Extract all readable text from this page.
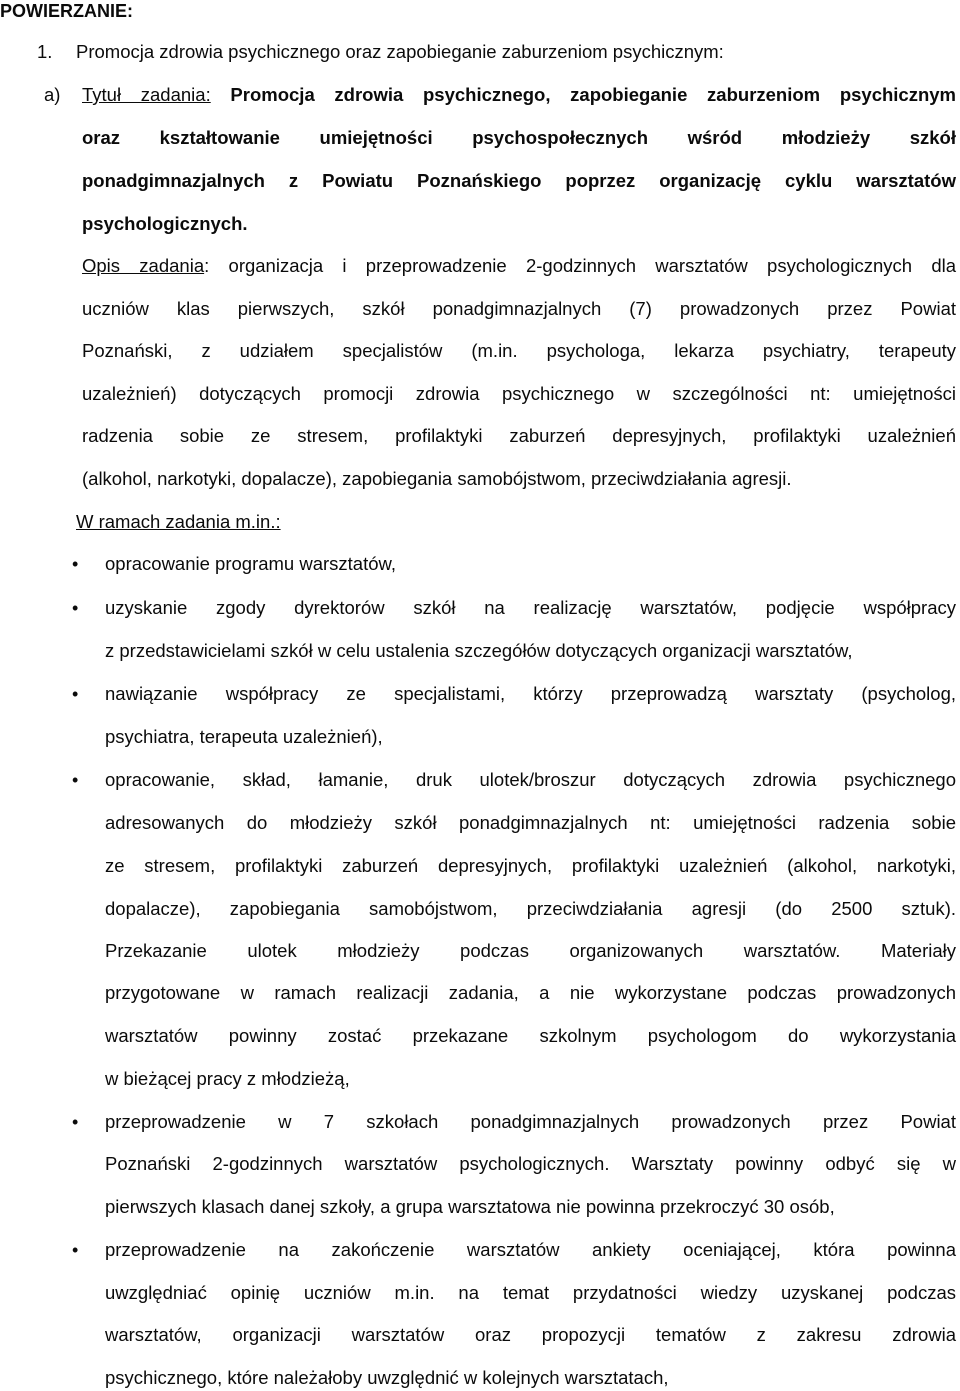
POWIERZANIE:
1. Promocja zdrowia psychicznego oraz zapobieganie zaburzeniom psychicznym:
a) Tytuł zadania: Promocja zdrowia psychicznego, zapobieganie zaburzeniom psychicznym
oraz kształtowanie umiejętności psychospołecznych wśród młodzieży szkół
ponadgimnazjalnych z Powiatu Poznańskiego poprzez organizację cyklu warsztatów
psychologicznych.
Opis zadania: organizacja i przeprowadzenie 2-godzinnych warsztatów psychologicznych dla
uczniów klas pierwszych, szkół ponadgimnazjalnych (7) prowadzonych przez Powiat
Poznański, z udziałem specjalistów (m.in. psychologa, lekarza psychiatry, terapeuty
uzależnień) dotyczących promocji zdrowia psychicznego w szczególności nt: umiejętności
radzenia sobie ze stresem, profilaktyki zaburzeń depresyjnych, profilaktyki uzależnień
(alkohol, narkotyki, dopalacze), zapobiegania samobójstwom, przeciwdziałania agresji.
W ramach zadania m.in.:
• opracowanie programu warsztatów,
• uzyskanie zgody dyrektorów szkół na realizację warsztatów, podjęcie współpracy
z przedstawicielami szkół w celu ustalenia szczegółów dotyczących organizacji warsztatów,
• nawiązanie współpracy ze specjalistami, którzy przeprowadzą warsztaty (psycholog,
psychiatra, terapeuta uzależnień),
• opracowanie, skład, łamanie, druk ulotek/broszur dotyczących zdrowia psychicznego
adresowanych do młodzieży szkół ponadgimnazjalnych nt: umiejętności radzenia sobie
ze stresem, profilaktyki zaburzeń depresyjnych, profilaktyki uzależnień (alkohol, narkotyki,
dopalacze), zapobiegania samobójstwom, przeciwdziałania agresji (do 2500 sztuk).
Przekazanie ulotek młodzieży podczas organizowanych warsztatów. Materiały
przygotowane w ramach realizacji zadania, a nie wykorzystane podczas prowadzonych
warsztatów powinny zostać przekazane szkolnym psychologom do wykorzystania
w bieżącej pracy z młodzieżą,
• przeprowadzenie w 7 szkołach ponadgimnazjalnych prowadzonych przez Powiat
Poznański 2-godzinnych warsztatów psychologicznych. Warsztaty powinny odbyć się w
pierwszych klasach danej szkoły, a grupa warsztatowa nie powinna przekroczyć 30 osób,
• przeprowadzenie na zakończenie warsztatów ankiety oceniającej, która powinna
uwzględniać opinię uczniów m.in. na temat przydatności wiedzy uzyskanej podczas
warsztatów, organizacji warsztatów oraz propozycji tematów z zakresu zdrowia
psychicznego, które należałoby uwzględnić w kolejnych warsztatach,
